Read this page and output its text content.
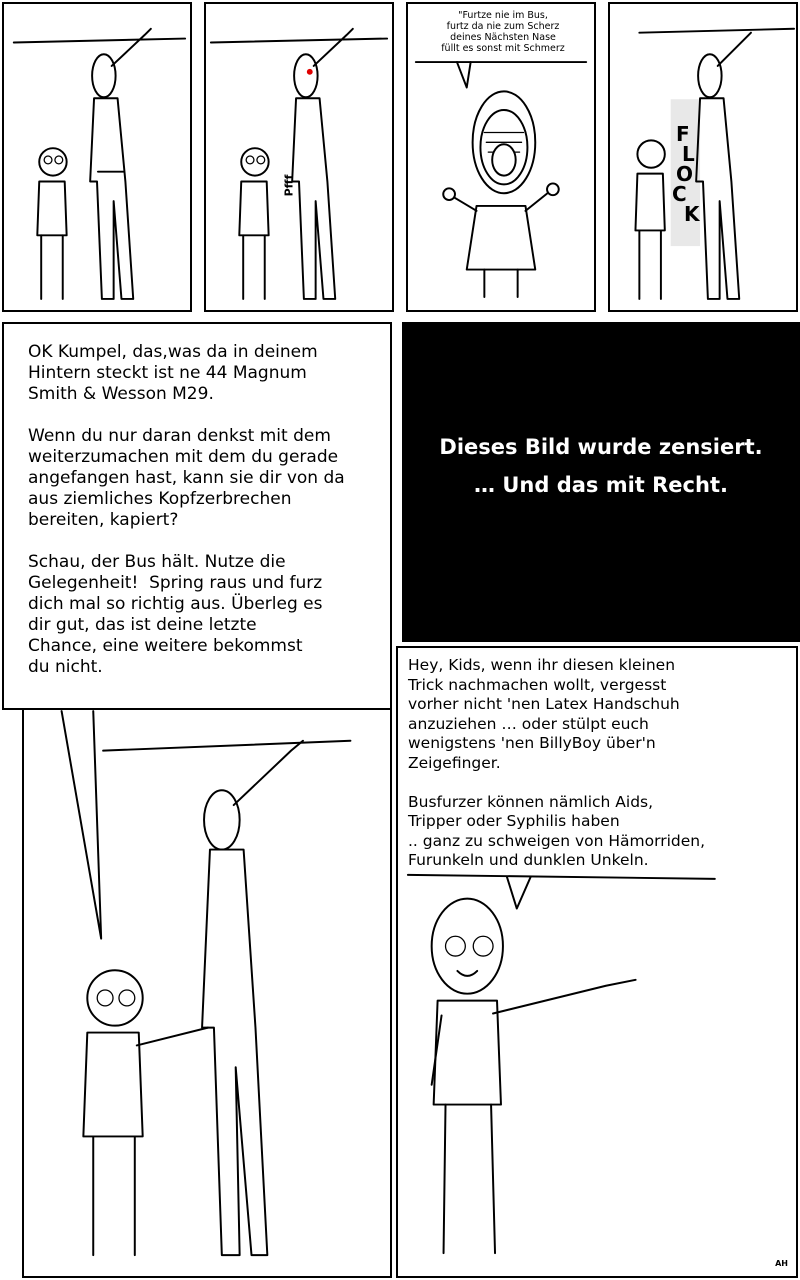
Pfff
"Furtze nie im Bus,
furtz da nie zum Scherz
deines Nächsten Nase
füllt es sonst mit Schmerz
F
L
O
C
K
OK Kumpel, das,was da in deinem
Hintern steckt ist ne 44 Magnum
Smith & Wesson M29.

Wenn du nur daran denkst mit dem
weiterzumachen mit dem du gerade
angefangen hast, kann sie dir von da
aus ziemliches Kopfzerbrechen
bereiten, kapiert?

Schau, der Bus hält. Nutze die
Gelegenheit!  Spring raus und furz
dich mal so richtig aus. Überleg es
dir gut, das ist deine letzte
Chance, eine weitere bekommst
du nicht.
Dieses Bild wurde zensiert.
… Und das mit Recht.
Hey, Kids, wenn ihr diesen kleinen
Trick nachmachen wollt, vergesst
vorher nicht 'nen Latex Handschuh
anzuziehen … oder stülpt euch
wenigstens 'nen BillyBoy über'n
Zeigefinger.

Busfurzer können nämlich Aids,
Tripper oder Syphilis haben
.. ganz zu schweigen von Hämorriden,
Furunkeln und dunklen Unkeln.
AH
